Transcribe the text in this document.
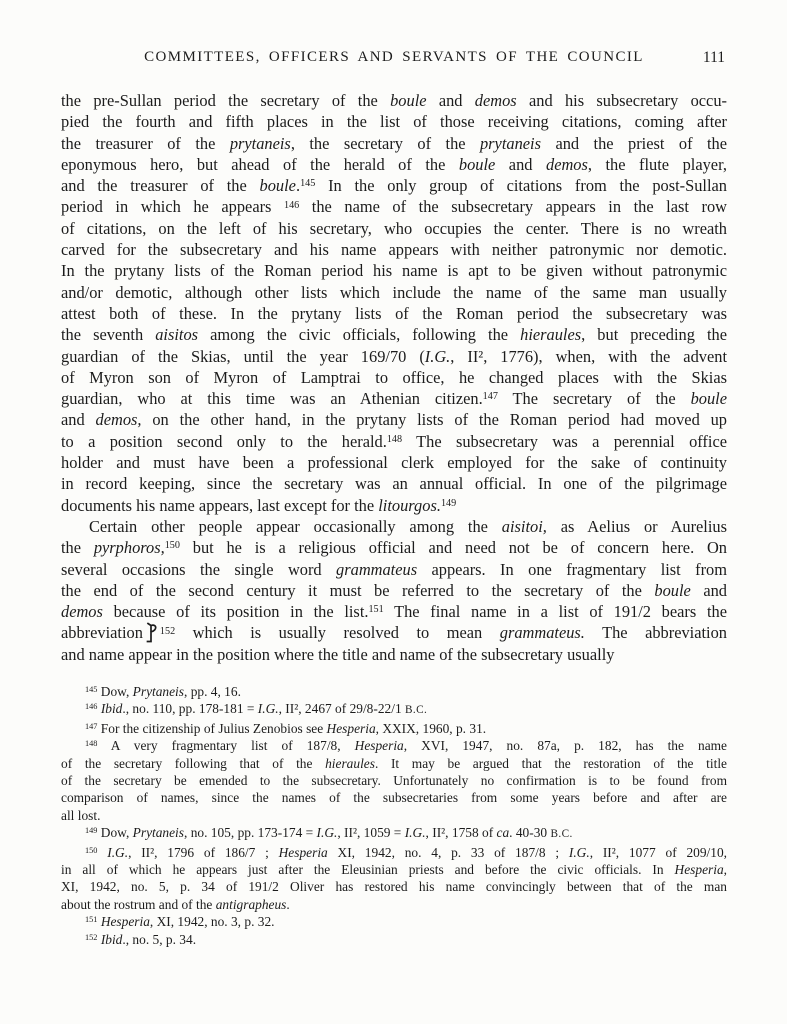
COMMITTEES, OFFICERS AND SERVANTS OF THE COUNCIL	111
the pre-Sullan period the secretary of the boule and demos and his subsecretary occu-
pied the fourth and fifth places in the list of those receiving citations, coming after
the treasurer of the prytaneis, the secretary of the prytaneis and the priest of the
eponymous hero, but ahead of the herald of the boule and demos, the flute player,
and the treasurer of the boule.$^{145}$ In the only group of citations from the post-Sullan
period in which he appears $^{146}$ the name of the subsecretary appears in the last row
of citations, on the left of his secretary, who occupies the center. There is no wreath
carved for the subsecretary and his name appears with neither patronymic nor demotic.
In the prytany lists of the Roman period his name is apt to be given without patronymic
and/or demotic, although other lists which include the name of the same man usually
attest both of these. In the prytany lists of the Roman period the subsecretary was
the seventh aisitos among the civic officials, following the hieraules, but preceding the
guardian of the Skias, until the year 169/70 (I.G., II², 1776), when, with the advent
of Myron son of Myron of Lamptrai to office, he changed places with the Skias
guardian, who at this time was an Athenian citizen.$^{147}$ The secretary of the boule
and demos, on the other hand, in the prytany lists of the Roman period had moved up
to a position second only to the herald.$^{148}$ The subsecretary was a perennial office
holder and must have been a professional clerk employed for the sake of continuity
in record keeping, since the secretary was an annual official. In one of the pilgrimage
documents his name appears, last except for the litourgos.$^{149}$
Certain other people appear occasionally among the aisitoi, as Aelius or Aurelius
the pyrphoros,$^{150}$ but he is a religious official and need not be of concern here. On
several occasions the single word grammateus appears. In one fragmentary list from
the end of the second century it must be referred to the secretary of the boule and
demos because of its position in the list.$^{151}$ The final name in a list of 191/2 bears the
abbreviation $^{152}$ which is usually resolved to mean grammateus. The abbreviation
and name appear in the position where the title and name of the subsecretary usually
$^{145}$ Dow, Prytaneis, pp. 4, 16.
$^{146}$ Ibid., no. 110, pp. 178-181 = I.G., II², 2467 of 29/8-22/1 B.C.
$^{147}$ For the citizenship of Julius Zenobios see Hesperia, XXIX, 1960, p. 31.
$^{148}$ A very fragmentary list of 187/8, Hesperia, XVI, 1947, no. 87a, p. 182, has the name
of the secretary following that of the hieraules. It may be argued that the restoration of the title
of the secretary be emended to the subsecretary. Unfortunately no confirmation is to be found from
comparison of names, since the names of the subsecretaries from some years before and after are
all lost.
$^{149}$ Dow, Prytaneis, no. 105, pp. 173-174 = I.G., II², 1059 = I.G., II², 1758 of ca. 40-30 B.C.
$^{150}$ I.G., II², 1796 of 186/7 ; Hesperia XI, 1942, no. 4, p. 33 of 187/8 ; I.G., II², 1077 of 209/10,
in all of which he appears just after the Eleusinian priests and before the civic officials. In Hesperia,
XI, 1942, no. 5, p. 34 of 191/2 Oliver has restored his name convincingly between that of the man
about the rostrum and of the antigrapheus.
$^{151}$ Hesperia, XI, 1942, no. 3, p. 32.
$^{152}$ Ibid., no. 5, p. 34.
